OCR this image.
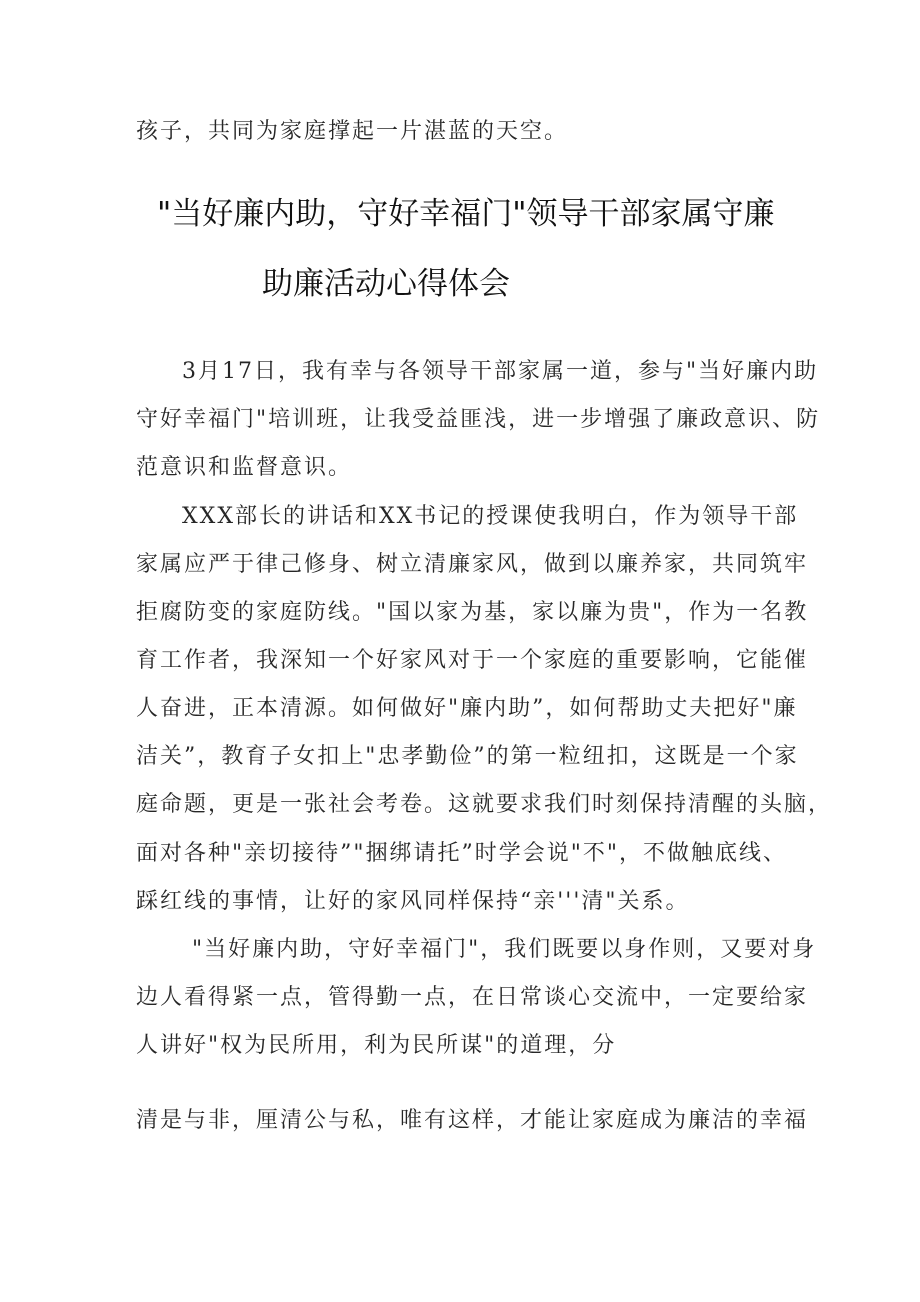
孩子，共同为家庭撑起一片湛蓝的天空。
"当好廉内助，守好幸福门"领导干部家属守廉
助廉活动心得体会
3月17日，我有幸与各领导干部家属一道，参与"当好廉内助
守好幸福门"培训班，让我受益匪浅，进一步增强了廉政意识、防
范意识和监督意识。
XXX部长的讲话和XX书记的授课使我明白，作为领导干部
家属应严于律己修身、树立清廉家风，做到以廉养家，共同筑牢
拒腐防变的家庭防线。"国以家为基，家以廉为贵"，作为一名教
育工作者，我深知一个好家风对于一个家庭的重要影响，它能催
人奋进，正本清源。如何做好"廉内助”，如何帮助丈夫把好"廉
洁关”，教育子女扣上"忠孝勤俭”的第一粒纽扣，这既是一个家
庭命题，更是一张社会考卷。这就要求我们时刻保持清醒的头脑，
面对各种"亲切接待”"捆绑请托”时学会说"不"，不做触底线、
踩红线的事情，让好的家风同样保持“亲'''清"关系。
"当好廉内助，守好幸福门"，我们既要以身作则，又要对身
边人看得紧一点，管得勤一点，在日常谈心交流中，一定要给家
人讲好"权为民所用，利为民所谋"的道理，分
清是与非，厘清公与私，唯有这样，才能让家庭成为廉洁的幸福
